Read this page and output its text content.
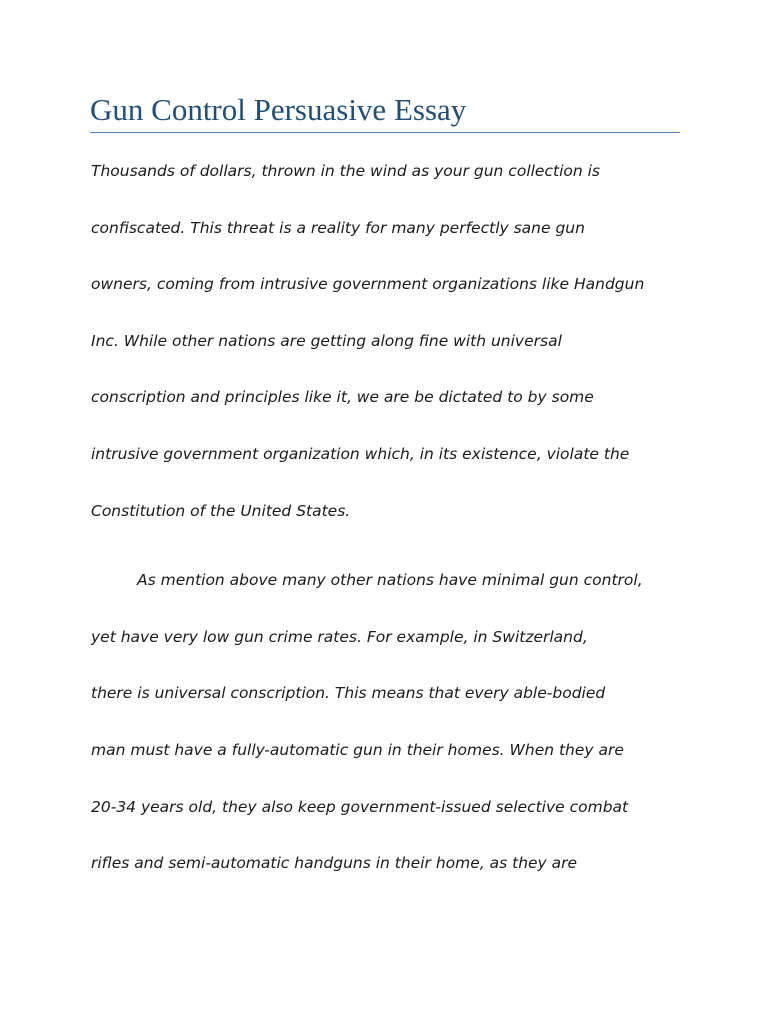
Gun Control Persuasive Essay
Thousands of dollars, thrown in the wind as your gun collection is
confiscated. This threat is a reality for many perfectly sane gun
owners, coming from intrusive government organizations like Handgun
Inc. While other nations are getting along fine with universal
conscription and principles like it, we are be dictated to by some
intrusive government organization which, in its existence, violate the
Constitution of the United States.
As mention above many other nations have minimal gun control,
yet have very low gun crime rates. For example, in Switzerland,
there is universal conscription. This means that every able-bodied
man must have a fully-automatic gun in their homes. When they are
20-34 years old, they also keep government-issued selective combat
rifles and semi-automatic handguns in their home, as they are
